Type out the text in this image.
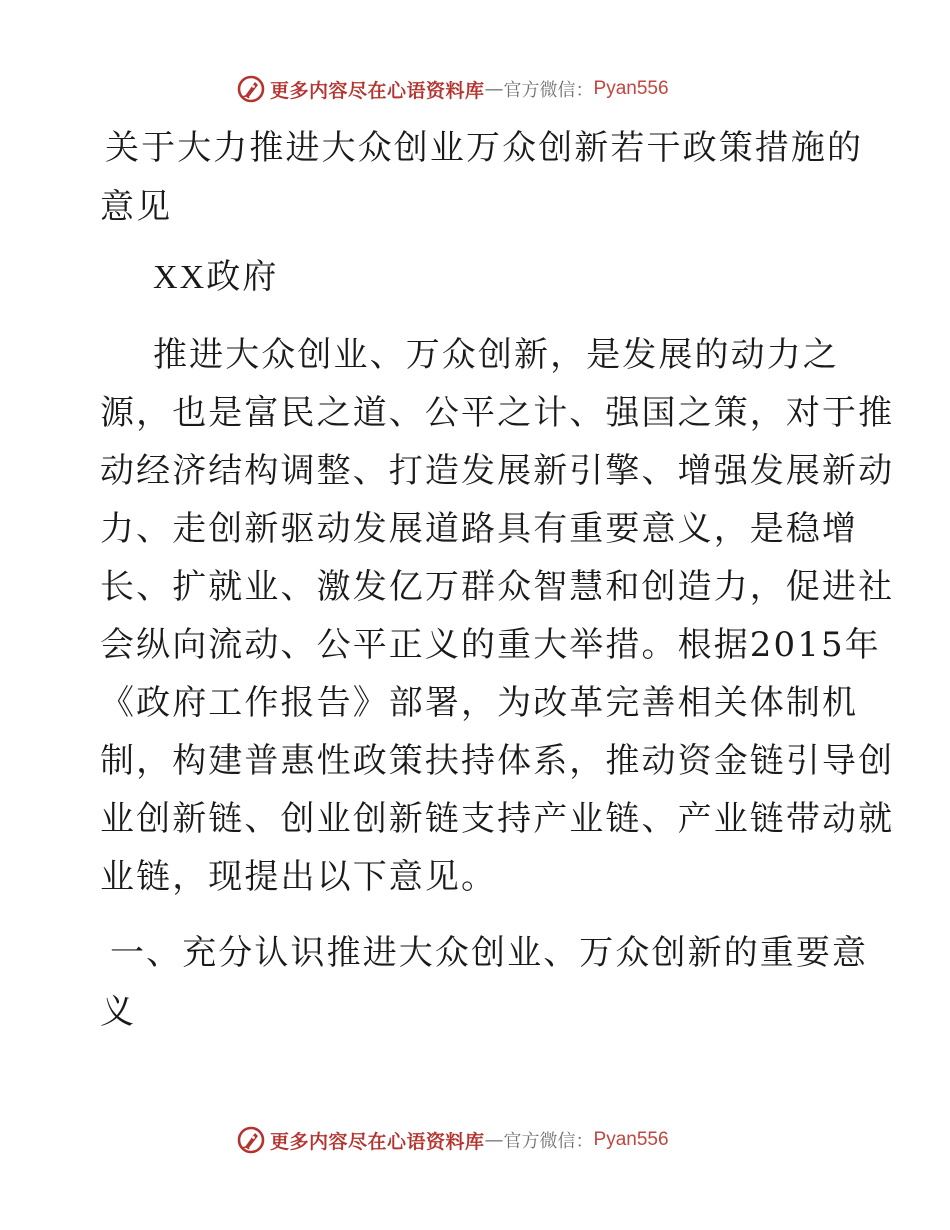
更多内容尽在心语资料库 — 官方微信： Pyan556
关于大力推进大众创业万众创新若干政策措施的
意见
XX政府
推进大众创业、万众创新，是发展的动力之
源，也是富民之道、公平之计、强国之策，对于推
动经济结构调整、打造发展新引擎、增强发展新动
力、走创新驱动发展道路具有重要意义，是稳增
长、扩就业、激发亿万群众智慧和创造力，促进社
会纵向流动、公平正义的重大举措。根据2015年
《政府工作报告》部署，为改革完善相关体制机
制，构建普惠性政策扶持体系，推动资金链引导创
业创新链、创业创新链支持产业链、产业链带动就
业链，现提出以下意见。
一、充分认识推进大众创业、万众创新的重要意
义
更多内容尽在心语资料库 — 官方微信： Pyan556
